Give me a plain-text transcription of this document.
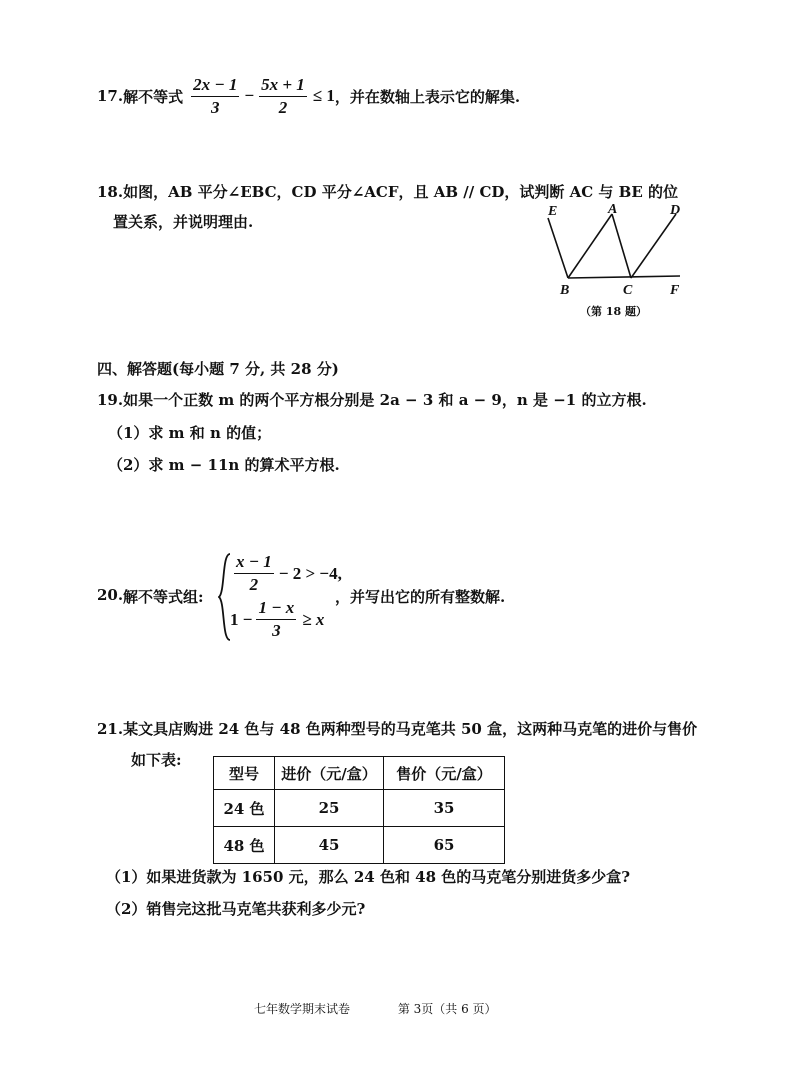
17. 解不等式 $\frac{2x - 1}{3} - \frac{5x + 1}{2} \le 1$ ，并在数轴上表示它的解集.
18.如图，AB 平分∠EBC，CD 平分∠ACF，且 AB // CD，试判断 AC 与 BE 的位
置关系，并说明理由.
E	A	D
B	C	F
（第 18 题）
四、解答题(每小题 7 分, 共 28 分)
19.如果一个正数 m 的两个平方根分别是 2a − 3 和 a − 9，n 是 −1 的立方根.
（1）求 m 和 n 的值；
（2）求 m − 11n 的算术平方根.
20. 解不等式组:
$\frac{x - 1}{2} - 2 > -4$,
$1 - \frac{1 - x}{3} \ge x$
，并写出它的所有整数解.
21.某文具店购进 24 色与 48 色两种型号的马克笔共 50 盒，这两种马克笔的进价与售价
如下表:
型号	进价（元/盒）	售价（元/盒）
24 色	25	35
48 色	45	65
（1）如果进货款为 1650 元，那么 24 色和 48 色的马克笔分别进货多少盒?
（2）销售完这批马克笔共获利多少元?
七年数学期末试卷	第 3页（共 6 页）
